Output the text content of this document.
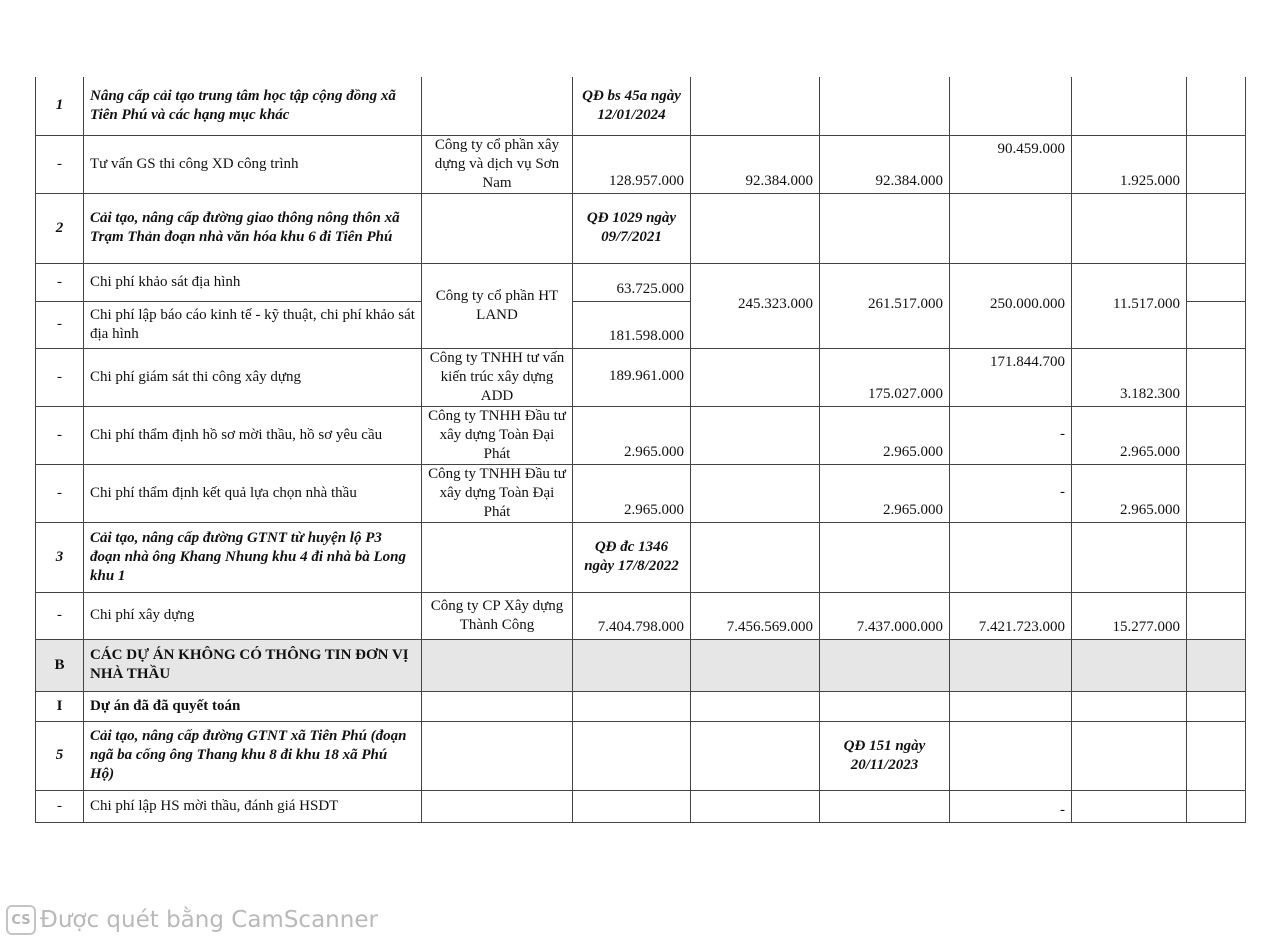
1	Nâng cấp cải tạo trung tâm học tập cộng đồng xã Tiên Phú và các hạng mục khác		QĐ bs 45a ngày 12/01/2024					
-	Tư vấn GS thi công XD công trình	Công ty cổ phần xây dựng và dịch vụ Sơn Nam	128.957.000	92.384.000	92.384.000	90.459.000	1.925.000	
2	Cải tạo, nâng cấp đường giao thông nông thôn xã Trạm Thản đoạn nhà văn hóa khu 6 đi Tiên Phú		QĐ 1029 ngày 09/7/2021					
-	Chi phí khảo sát địa hình	Công ty cổ phần HT LAND	63.725.000	245.323.000	261.517.000	250.000.000	11.517.000	
-	Chi phí lập báo cáo kinh tế - kỹ thuật, chi phí khảo sát địa hình		181.598.000					
-	Chi phí giám sát thi công xây dựng	Công ty TNHH tư vấn kiến trúc xây dựng ADD	189.961.000		175.027.000	171.844.700	3.182.300	
-	Chi phí thẩm định hồ sơ mời thầu, hồ sơ yêu cầu	Công ty TNHH Đầu tư xây dựng Toàn Đại Phát	2.965.000		2.965.000	-	2.965.000	
-	Chi phí thẩm định kết quả lựa chọn nhà thầu	Công ty TNHH Đầu tư xây dựng Toàn Đại Phát	2.965.000		2.965.000	-	2.965.000	
3	Cải tạo, nâng cấp đường GTNT từ huyện lộ P3 đoạn nhà ông Khang Nhung khu 4 đi nhà bà Long khu 1		QĐ đc 1346 ngày 17/8/2022					
-	Chi phí xây dựng	Công ty CP Xây dựng Thành Công	7.404.798.000	7.456.569.000	7.437.000.000	7.421.723.000	15.277.000	
B	CÁC DỰ ÁN KHÔNG CÓ THÔNG TIN ĐƠN VỊ NHÀ THẦU							
I	Dự án đã đã quyết toán							
5	Cải tạo, nâng cấp đường GTNT xã Tiên Phú (đoạn ngã ba cống ông Thang khu 8 đi khu 18 xã Phú Hộ)				QĐ 151 ngày 20/11/2023			
-	Chi phí lập HS mời thầu, đánh giá HSDT					-		
CS Được quét bằng CamScanner
